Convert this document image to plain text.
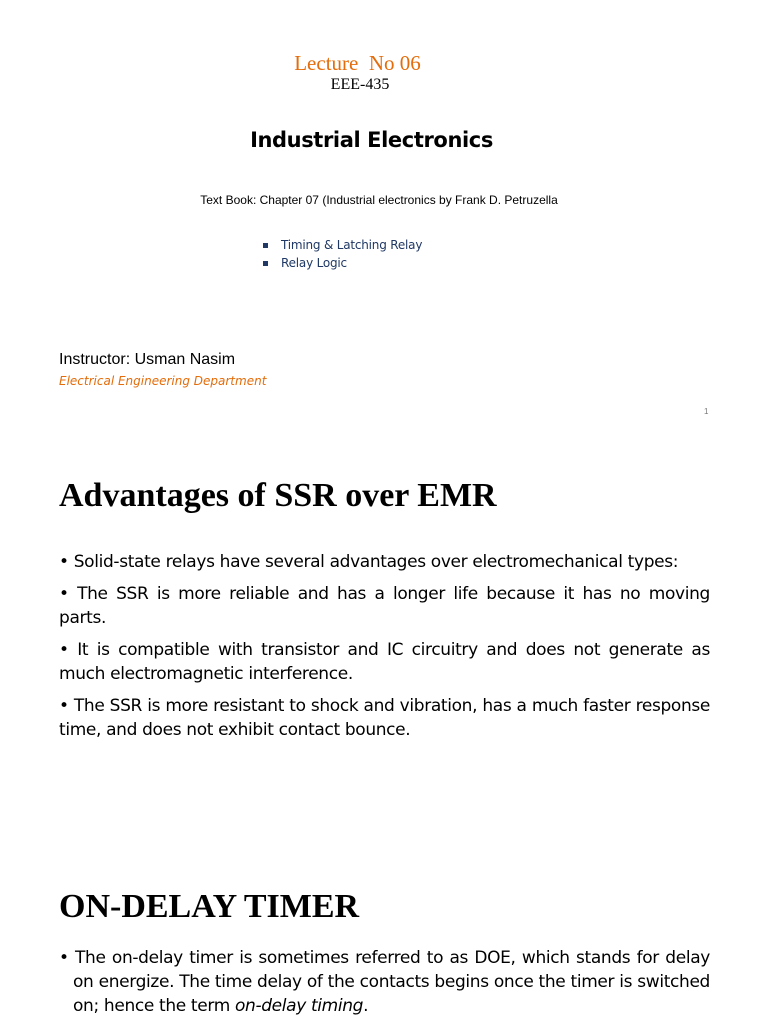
Lecture  No 06
EEE-435
Industrial Electronics
Text Book: Chapter 07 (Industrial electronics by Frank D. Petruzella
Timing & Latching Relay
Relay Logic
Instructor: Usman Nasim
Electrical Engineering Department
1
Advantages of SSR over EMR
• Solid-state relays have several advantages over electromechanical types:
• The SSR is more reliable and has a longer life because it has no moving parts.
• It is compatible with transistor and IC circuitry and does not generate as much electromagnetic interference.
• The SSR is more resistant to shock and vibration, has a much faster response time, and does not exhibit contact bounce.
ON-DELAY TIMER
• The on-delay timer is sometimes referred to as DOE, which stands for delay on energize. The time delay of the contacts begins once the timer is switched on; hence the term on-delay timing.
